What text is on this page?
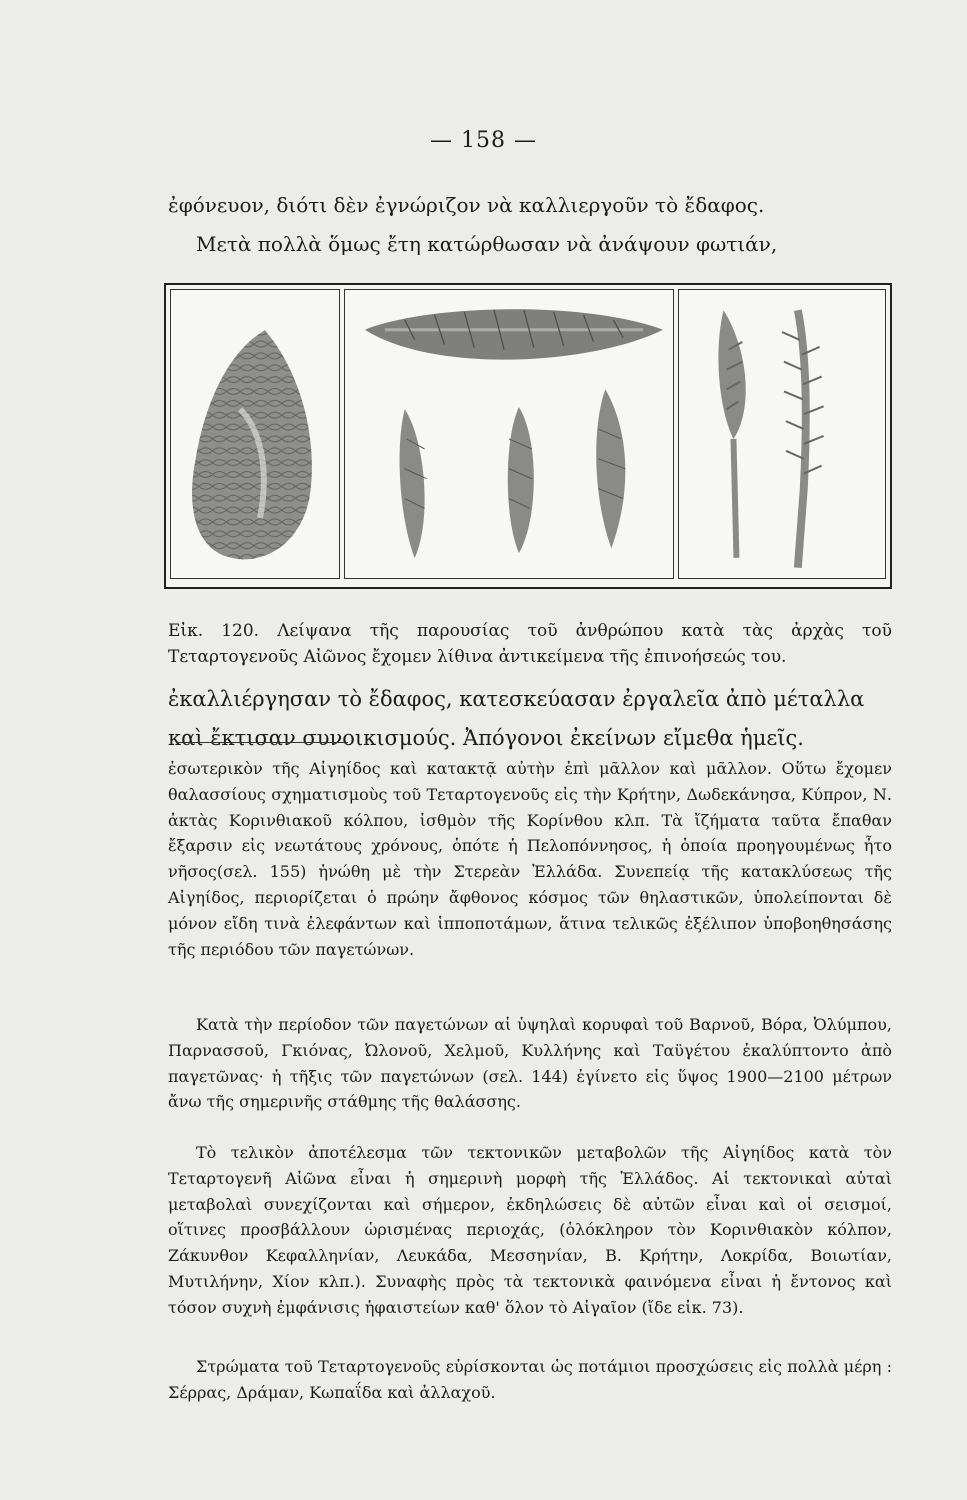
— 158 —

ἐφόνευον, διότι δὲν ἐγνώριζον νὰ καλλιεργοῦν τὸ ἔδαφος.

Μετὰ πολλὰ ὅμως ἔτη κατώρθωσαν νὰ ἀνάψουν φωτιάν,

Εἰκ. 120. Λείψανα τῆς παρουσίας τοῦ ἀνθρώπου κατὰ τὰς ἀρχὰς τοῦ Τεταρτογενοῦς Αἰῶνος ἔχομεν λίθινα ἀντικείμενα τῆς ἐπινοήσεώς του.

ἐκαλλιέργησαν τὸ ἔδαφος, κατεσκεύασαν ἐργαλεῖα ἀπὸ μέταλλα καὶ ἔκτισαν συνοικισμούς. Ἀπόγονοι ἐκείνων εἴμεθα ἡμεῖς.

ἐσωτερικὸν τῆς Αἰγηίδος καὶ κατακτᾷ αὐτὴν ἐπὶ μᾶλλον καὶ μᾶλλον. Οὕτω ἔχομεν θαλασσίους σχηματισμοὺς τοῦ Τεταρτογενοῦς εἰς τὴν Κρήτην, Δωδεκάνησα, Κύπρον, Ν. ἀκτὰς Κορινθιακοῦ κόλπου, ἰσθμὸν τῆς Κορίνθου κλπ. Τὰ ἴζήματα ταῦτα ἔπαθαν ἔξαρσιν εἰς νεωτάτους χρόνους, ὁπότε ἡ Πελοπόννησος, ἡ ὁποία προηγουμένως ἦτο νῆσος(σελ. 155) ἡνώθη μὲ τὴν Στερεὰν Ἑλλάδα. Συνεπείᾳ τῆς κατακλύσεως τῆς Αἰγηίδος, περιορίζεται ὁ πρώην ἄφθονος κόσμος τῶν θηλαστικῶν, ὑπολείπονται δὲ μόνον εἴδη τινὰ ἐλεφάντων καὶ ἱπποποτάμων, ἅτινα τελικῶς ἐξέλιπον ὑποβοηθησάσης τῆς περιόδου τῶν παγετώνων.

Κατὰ τὴν περίοδον τῶν παγετώνων αἱ ὑψηλαὶ κορυφαὶ τοῦ Βαρνοῦ, Βόρα, Ὀλύμπου, Παρνασσοῦ, Γκιόνας, Ὠλονοῦ, Χελμοῦ, Κυλλήνης καὶ Ταϋγέτου ἐκαλύπτοντο ἀπὸ παγετῶνας· ἡ τῆξις τῶν παγετώνων (σελ. 144) ἐγίνετο εἰς ὕψος 1900—2100 μέτρων ἄνω τῆς σημερινῆς στάθμης τῆς θαλάσσης.

Τὸ τελικὸν ἀποτέλεσμα τῶν τεκτονικῶν μεταβολῶν τῆς Αἰγηίδος κατὰ τὸν Τεταρτογενῆ Αἰῶνα εἶναι ἡ σημερινὴ μορφὴ τῆς Ἑλλάδος. Αἱ τεκτονικαὶ αὐταὶ μεταβολαὶ συνεχίζονται καὶ σήμερον, ἐκδηλώσεις δὲ αὐτῶν εἶναι καὶ οἱ σεισμοί, οἵτινες προσβάλλουν ὡρισμένας περιοχάς, (ὁλόκληρον τὸν Κορινθιακὸν κόλπον, Ζάκυνθον Κεφαλληνίαν, Λευκάδα, Μεσσηνίαν, Β. Κρήτην, Λοκρίδα, Βοιωτίαν, Μυτιλήνην, Χίον κλπ.). Συναφὴς πρὸς τὰ τεκτονικὰ φαινόμενα εἶναι ἡ ἔντονος καὶ τόσον συχνὴ ἐμφάνισις ἡφαιστείων καθ' ὅλον τὸ Αἰγαῖον (ἴδε εἰκ. 73).

Στρώματα τοῦ Τεταρτογενοῦς εὑρίσκονται ὡς ποτάμιοι προσχώσεις εἰς πολλὰ μέρη : Σέρρας, Δράμαν, Κωπαΐδα καὶ ἀλλαχοῦ.
